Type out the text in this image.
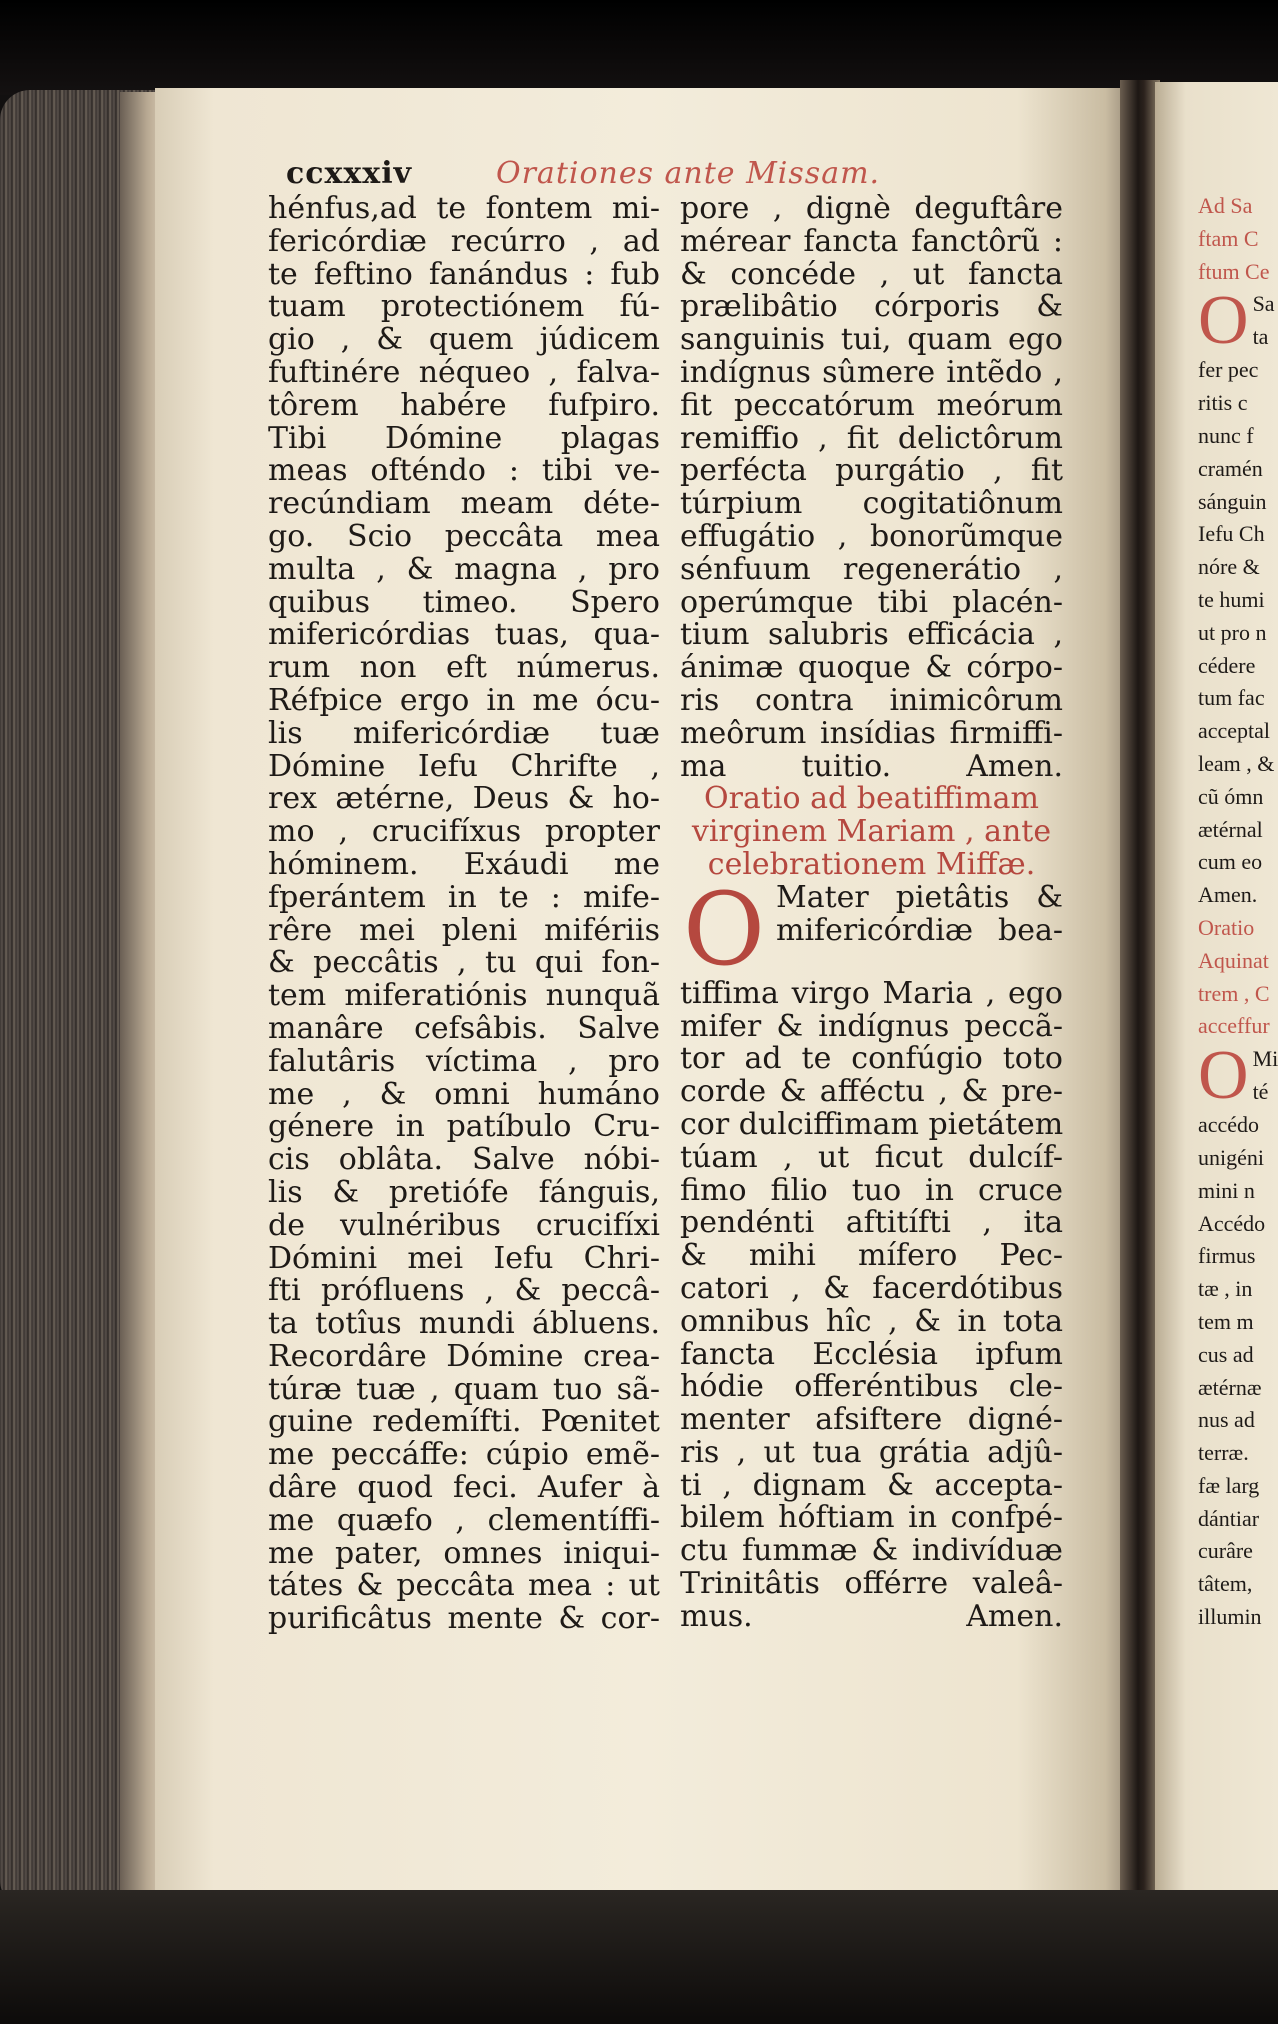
ccxxxiv	Orationes ante Missam.
hénfus,ad te fontem mi-
fericórdiæ recúrro , ad
te feftino fanándus : fub
tuam protectiónem fú-
gio , & quem júdicem
fuftinére néqueo , falva-
tôrem habére fufpiro.
Tibi Dómine plagas
meas ofténdo : tibi ve-
recúndiam meam déte-
go. Scio peccâta mea
multa , & magna , pro
quibus timeo. Spero
mifericórdias tuas, qua-
rum non eft númerus.
Réfpice ergo in me ócu-
lis mifericórdiæ tuæ
Dómine Iefu Chrifte ,
rex ætérne, Deus & ho-
mo , crucifíxus propter
hóminem. Exáudi me
fperántem in te : mife-
rêre mei pleni mifériis
& peccâtis , tu qui fon-
tem miferatiónis nunquã
manâre cefsâbis. Salve
falutâris víctima , pro
me , & omni humáno
génere in patíbulo Cru-
cis oblâta. Salve nóbi-
lis & pretiófe fánguis,
de vulnéribus crucifíxi
Dómini mei Iefu Chri-
fti prófluens , & peccâ-
ta totîus mundi ábluens.
Recordâre Dómine crea-
túræ tuæ , quam tuo sã-
guine redemífti. Pœnitet
me peccáffe: cúpio emẽ-
dâre quod feci. Aufer à
me quæfo , clementíffi-
me pater, omnes iniqui-
tátes & peccâta mea : ut
purificâtus mente & cor-
pore , dignè deguftâre
mérear fancta fanctôrũ :
& concéde , ut fancta
prælibâtio córporis &
sanguinis tui, quam ego
indígnus sûmere intẽdo ,
fit peccatórum meórum
remiffio , fit delictôrum
perfécta purgátio , fit
túrpium cogitatiônum
effugátio , bonorũmque
sénfuum regenerátio ,
operúmque tibi placén-
tium salubris efficácia ,
ánimæ quoque & córpo-
ris contra inimicôrum
meôrum insídias firmiffi-
ma tuitio. Amen.
Oratio ad beatiffimam
virginem Mariam , ante
celebrationem Miffæ.
O Mater pietâtis &
mifericórdiæ bea-
tiffima virgo Maria , ego
mifer & indígnus peccã-
tor ad te confúgio toto
corde & afféctu , & pre-
cor dulciffimam pietátem
túam , ut ficut dulcíf-
fimo filio tuo in cruce
pendénti aftitífti , ita
& mihi mífero Pec-
catori , & facerdótibus
omnibus hîc , & in tota
fancta Ecclésia ipfum
hódie offeréntibus cle-
menter afsiftere digné-
ris , ut tua grátia adjû-
ti , dignam & accepta-
bilem hóftiam in confpé-
ctu fummæ & indivíduæ
Trinitâtis offérre valeâ-
mus. Amen.
Ad Sa
ftam C
ftum Ce
O Sa
ta
fer pec
ritis c
nunc f
cramén
sánguin
Iefu Ch
nóre &
te humi
ut pro n
cédere
tum fac
acceptal
leam , &
cũ ómn
ætérnal
cum eo
Amen.
Oratio
Aquinat
trem , C
acceffur
O Mi
té
accédo
unigéni
mini n
Accédo
firmus
tæ , in
tem m
cus ad
ætérnæ
nus ad
terræ.
fæ larg
dántiar
curâre
tâtem,
illumin
